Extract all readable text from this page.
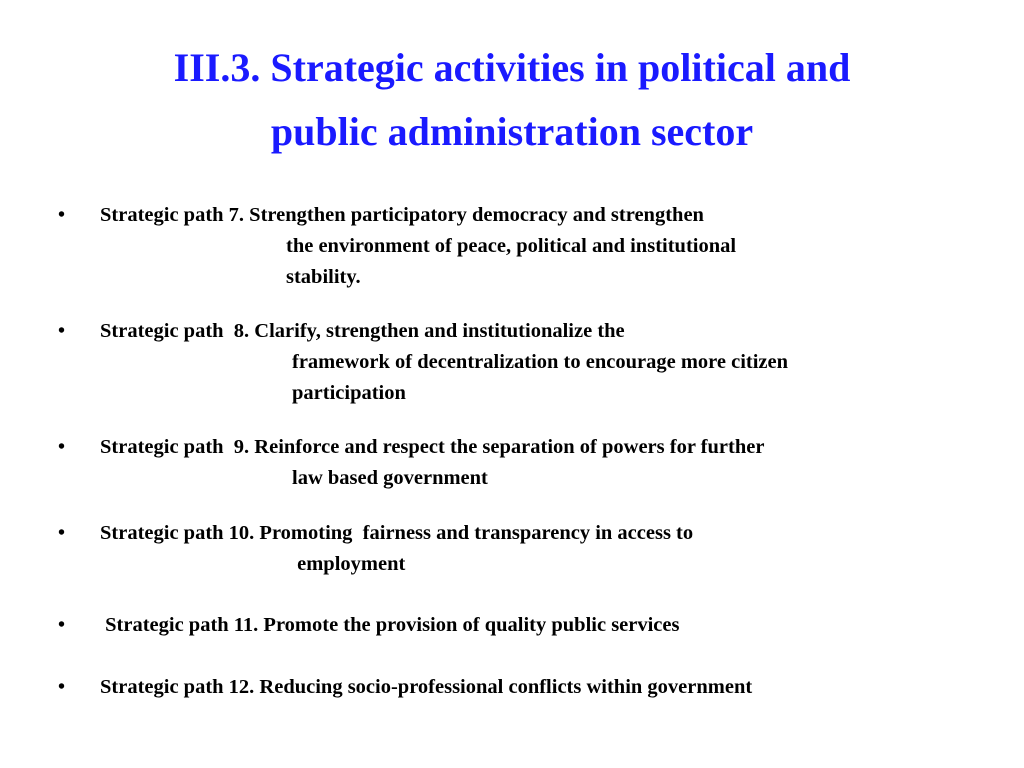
III.3. Strategic activities in political and
public administration sector
• Strategic path 7. Strengthen participatory democracy and strengthen
the environment of peace, political and institutional
stability.
• Strategic path  8. Clarify, strengthen and institutionalize the
framework of decentralization to encourage more citizen
participation
• Strategic path  9. Reinforce and respect the separation of powers for further
law based government
• Strategic path 10. Promoting  fairness and transparency in access to
employment
• Strategic path 11. Promote the provision of quality public services
• Strategic path 12. Reducing socio-professional conflicts within government
